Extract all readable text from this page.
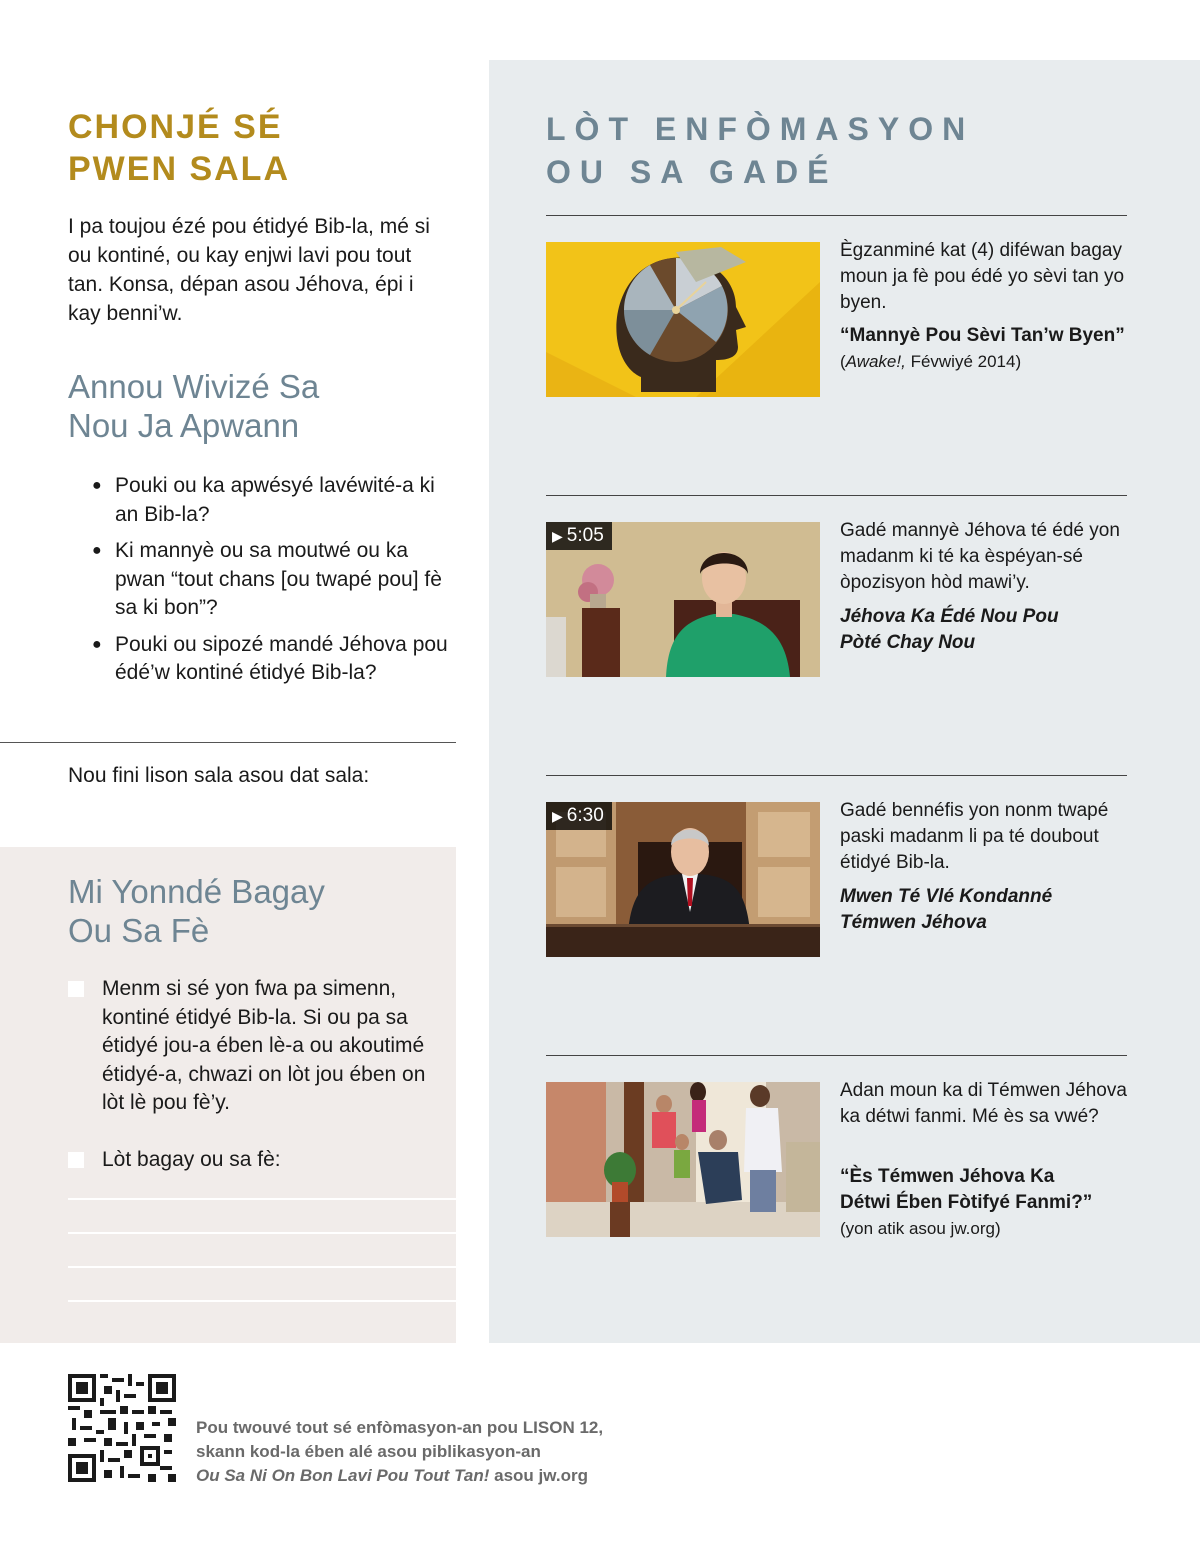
CHONJÉ SÉ
PWEN SALA
I pa toujou ézé pou étidyé Bib-la, mé si ou kontiné, ou kay enjwi lavi pou tout tan. Konsa, dépan asou Jéhova, épi i kay benni’w.
Annou Wivizé Sa
Nou Ja Apwann
● Pouki ou ka apwésyé lavéwité-a ki an Bib-la?
● Ki mannyè ou sa moutwé ou ka pwan “tout chans [ou twapé pou] fè sa ki bon”?
● Pouki ou sipozé mandé Jéhova pou édé’w kontiné étidyé Bib-la?
Nou fini lison sala asou dat sala:
Mi Yonndé Bagay
Ou Sa Fè
Menm si sé yon fwa pa simenn, kontiné étidyé Bib-la. Si ou pa sa étidyé jou-a ében lè-a ou akoutimé étidyé-a, chwazi on lòt jou ében on lòt lè pou fè’y.
Lòt bagay ou sa fè:
LÒT ENFÒMASYON
OU SA GADÉ
Ègzanminé kat (4) diféwan bagay moun ja fè pou édé yo sèvi tan yo byen.
“Mannyè Pou Sèvi Tan’w Byen”
(Awake!, Févwiyé 2014)
▶ 5:05	Gadé mannyè Jéhova té édé yon madanm ki té ka èspéyan-sé òpozisyon hòd mawi’y.
Jéhova Ka Édé Nou Pou
Pòté Chay Nou
▶ 6:30	Gadé bennéfis yon nonm twapé paski madanm li pa té doubout étidyé Bib-la.
Mwen Té Vlé Kondanné
Témwen Jéhova
Adan moun ka di Témwen Jéhova ka détwi fanmi. Mé ès sa vwé?
“Ès Témwen Jéhova Ka
Détwi Ében Fòtifyé Fanmi?”
(yon atik asou jw.org)
Pou twouvé tout sé enfòmasyon-an pou LISON 12,
skann kod-la ében alé asou piblikasyon-an
Ou Sa Ni On Bon Lavi Pou Tout Tan! asou jw.org
